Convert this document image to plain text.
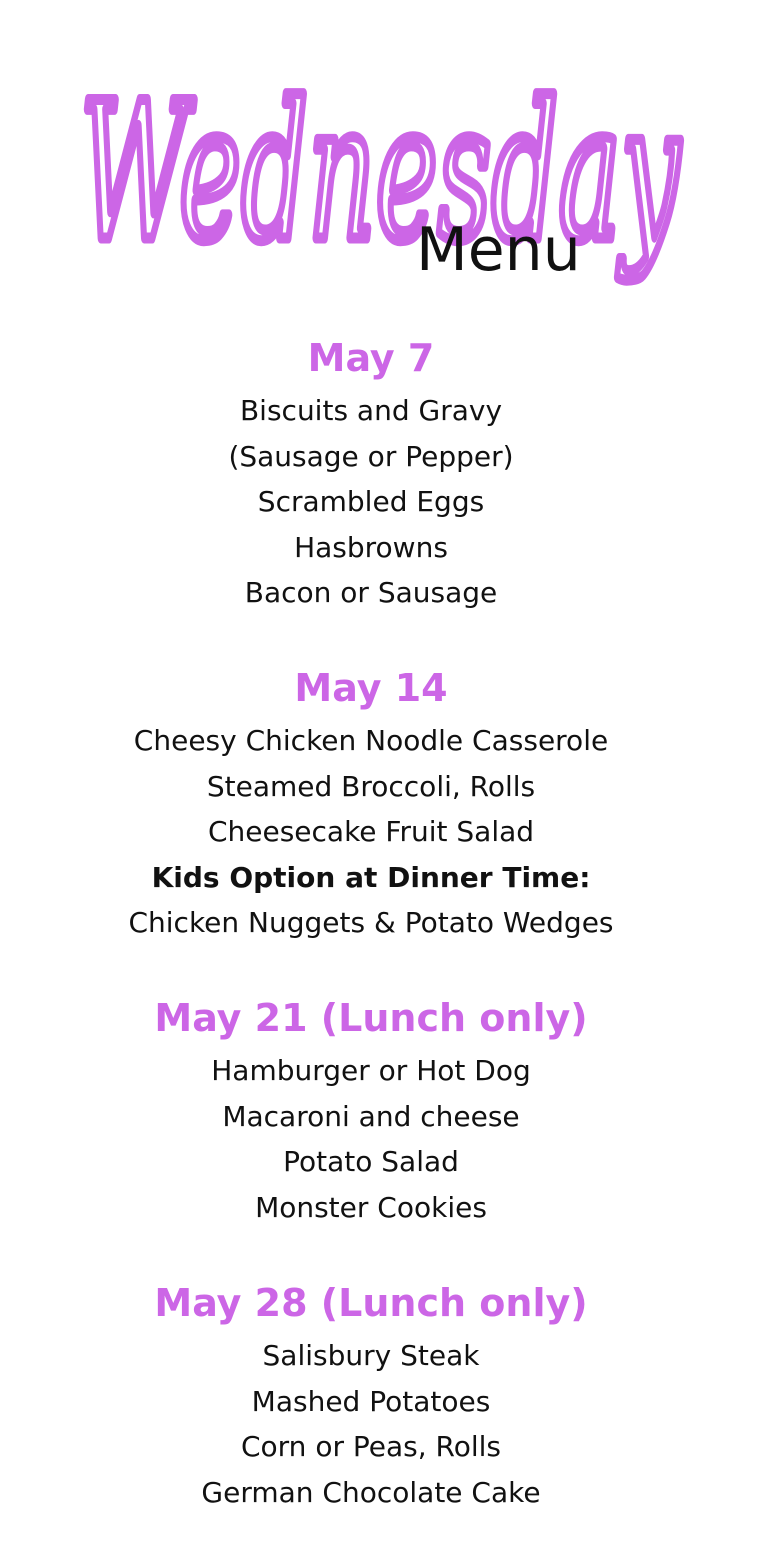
Wednesday
Menu
May 7
Biscuits and Gravy
(Sausage or Pepper)
Scrambled Eggs
Hasbrowns
Bacon or Sausage
May 14
Cheesy Chicken Noodle Casserole
Steamed Broccoli, Rolls
Cheesecake Fruit Salad
Kids Option at Dinner Time:
Chicken Nuggets & Potato Wedges
May 21 (Lunch only)
Hamburger or Hot Dog
Macaroni and cheese
Potato Salad
Monster Cookies
May 28 (Lunch only)
Salisbury Steak
Mashed Potatoes
Corn or Peas, Rolls
German Chocolate Cake
